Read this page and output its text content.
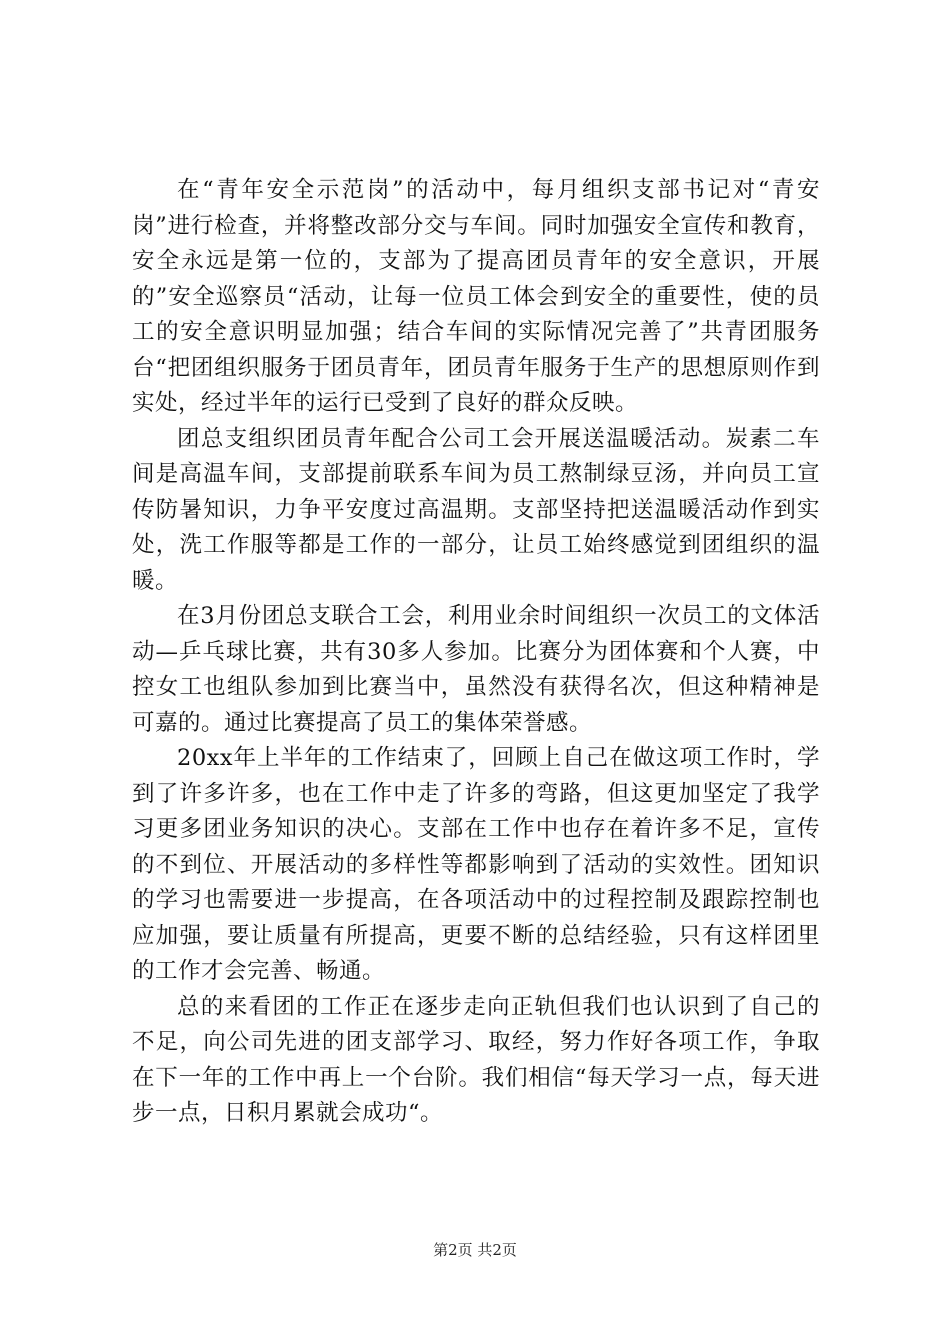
在“青年安全示范岗”的活动中，每月组织支部书记对“青安岗”进行检查，并将整改部分交与车间。同时加强安全宣传和教育，安全永远是第一位的，支部为了提高团员青年的安全意识，开展的”安全巡察员“活动，让每一位员工体会到安全的重要性，使的员工的安全意识明显加强；结合车间的实际情况完善了”共青团服务台“把团组织服务于团员青年，团员青年服务于生产的思想原则作到实处，经过半年的运行已受到了良好的群众反映。

团总支组织团员青年配合公司工会开展送温暖活动。炭素二车间是高温车间，支部提前联系车间为员工熬制绿豆汤，并向员工宣传防暑知识，力争平安度过高温期。支部坚持把送温暖活动作到实处，洗工作服等都是工作的一部分，让员工始终感觉到团组织的温暖。

在3月份团总支联合工会，利用业余时间组织一次员工的文体活动—乒乓球比赛，共有30多人参加。比赛分为团体赛和个人赛，中控女工也组队参加到比赛当中，虽然没有获得名次，但这种精神是可嘉的。通过比赛提高了员工的集体荣誉感。

20xx年上半年的工作结束了，回顾上自己在做这项工作时，学到了许多许多，也在工作中走了许多的弯路，但这更加坚定了我学习更多团业务知识的决心。支部在工作中也存在着许多不足，宣传的不到位、开展活动的多样性等都影响到了活动的实效性。团知识的学习也需要进一步提高，在各项活动中的过程控制及跟踪控制也应加强，要让质量有所提高，更要不断的总结经验，只有这样团里的工作才会完善、畅通。

总的来看团的工作正在逐步走向正轨但我们也认识到了自己的不足，向公司先进的团支部学习、取经，努力作好各项工作，争取在下一年的工作中再上一个台阶。我们相信“每天学习一点，每天进步一点，日积月累就会成功“。

第2页 共2页
